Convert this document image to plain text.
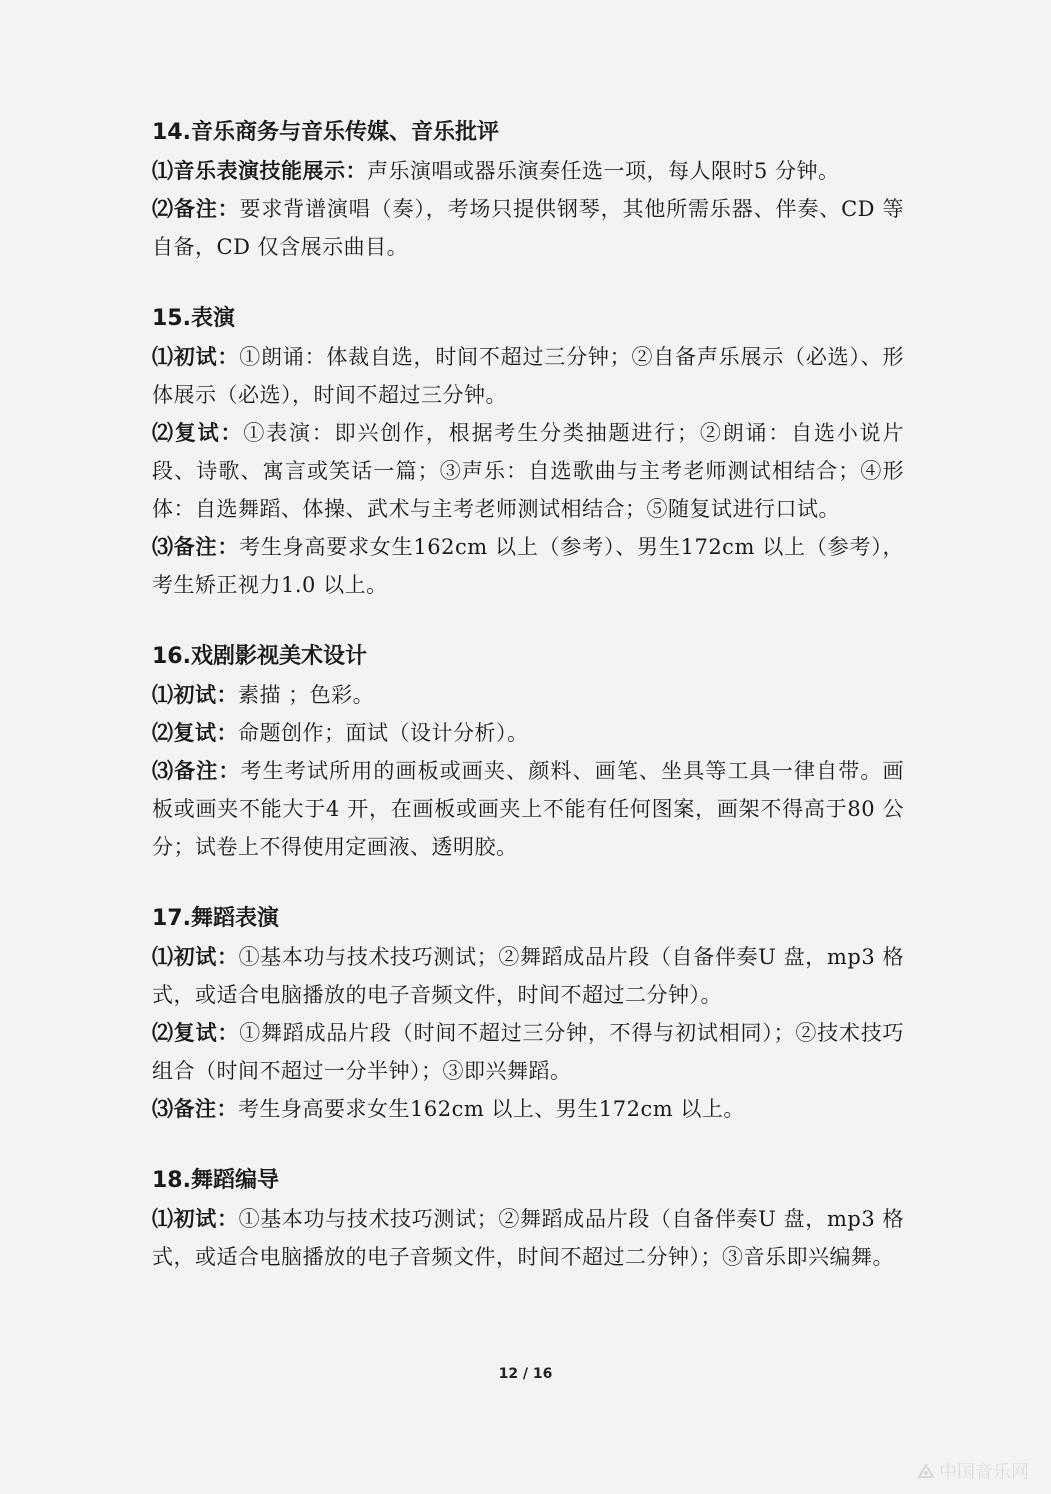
14.音乐商务与音乐传媒、音乐批评
⑴音乐表演技能展示：声乐演唱或器乐演奏任选一项，每人限时5 分钟。
⑵备注：要求背谱演唱（奏），考场只提供钢琴，其他所需乐器、伴奏、CD 等自备，CD 仅含展示曲目。
15.表演
⑴初试：①朗诵：体裁自选，时间不超过三分钟；②自备声乐展示（必选）、形体展示（必选），时间不超过三分钟。
⑵复试：①表演：即兴创作，根据考生分类抽题进行；②朗诵：自选小说片段、诗歌、寓言或笑话一篇；③声乐：自选歌曲与主考老师测试相结合；④形体：自选舞蹈、体操、武术与主考老师测试相结合；⑤随复试进行口试。
⑶备注：考生身高要求女生162cm 以上（参考）、男生172cm 以上（参考），考生矫正视力1.0 以上。
16.戏剧影视美术设计
⑴初试：素描 ；色彩。
⑵复试：命题创作；面试（设计分析）。
⑶备注：考生考试所用的画板或画夹、颜料、画笔、坐具等工具一律自带。画板或画夹不能大于4 开，在画板或画夹上不能有任何图案，画架不得高于80 公分；试卷上不得使用定画液、透明胶。
17.舞蹈表演
⑴初试：①基本功与技术技巧测试；②舞蹈成品片段（自备伴奏U 盘，mp3 格式，或适合电脑播放的电子音频文件，时间不超过二分钟）。
⑵复试：①舞蹈成品片段（时间不超过三分钟，不得与初试相同）；②技术技巧组合（时间不超过一分半钟）；③即兴舞蹈。
⑶备注：考生身高要求女生162cm 以上、男生172cm 以上。
18.舞蹈编导
⑴初试：①基本功与技术技巧测试；②舞蹈成品片段（自备伴奏U 盘，mp3 格式，或适合电脑播放的电子音频文件，时间不超过二分钟）；③音乐即兴编舞。
12 / 16
中国音乐网
